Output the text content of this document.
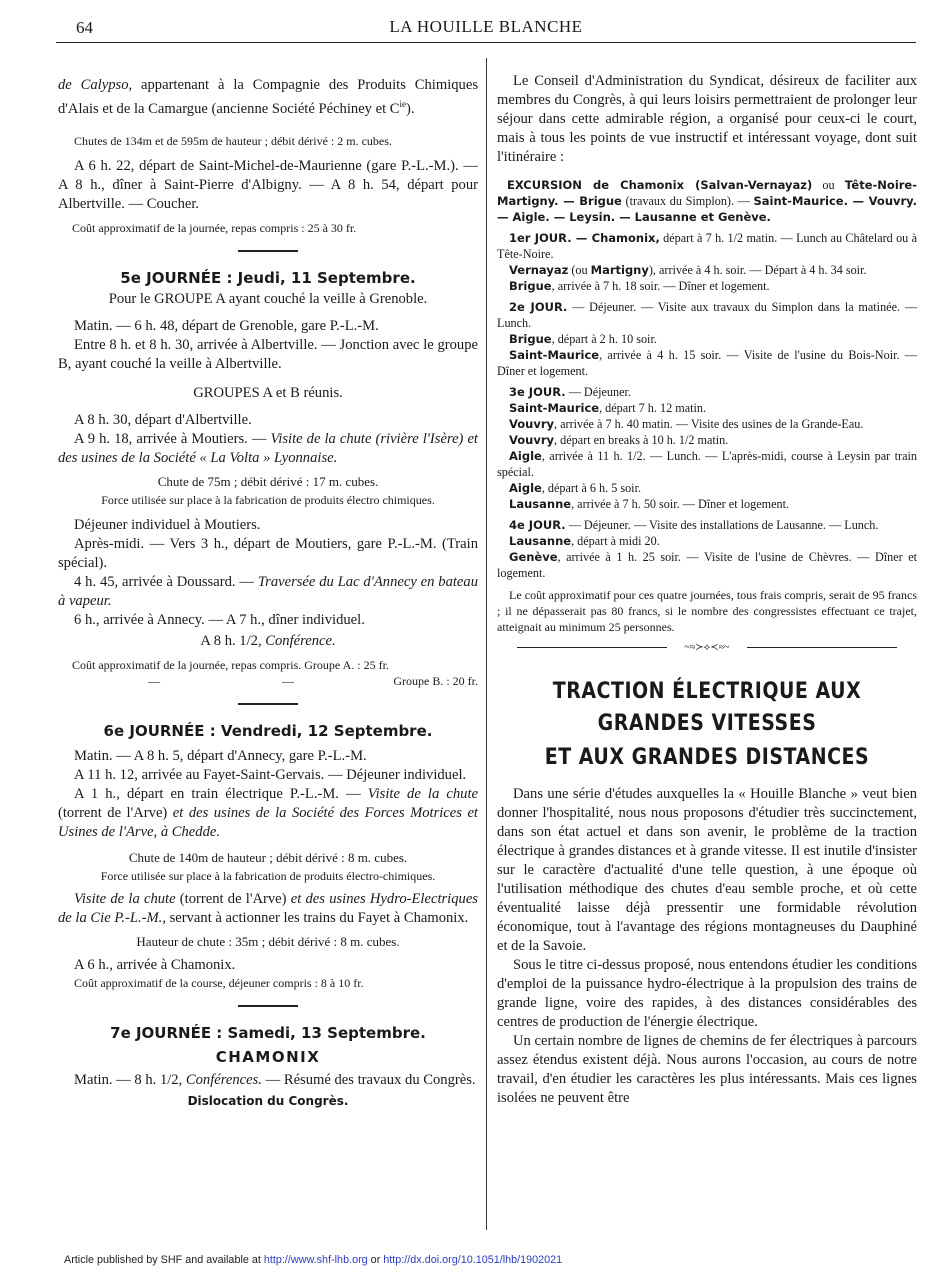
64	LA HOUILLE BLANCHE

de Calypso, appartenant à la Compagnie des Produits Chimiques d'Alais et de la Camargue (ancienne Société Péchiney et $C^{ie}$).

Chutes de 134m et de 595m de hauteur ; débit dérivé : 2 m. cubes.

A 6 h. 22, départ de Saint-Michel-de-Maurienne (gare P.-L.-M.). — A 8 h., dîner à Saint-Pierre d'Albigny. — A 8 h. 54, départ pour Albertville. — Coucher.

Coût approximatif de la journée, repas compris : 25 à 30 fr.

5e JOURNÉE : Jeudi, 11 Septembre.

Pour le GROUPE A ayant couché la veille à Grenoble.

Matin. — 6 h. 48, départ de Grenoble, gare P.-L.-M.

Entre 8 h. et 8 h. 30, arrivée à Albertville. — Jonction avec le groupe B, ayant couché la veille à Albertville.

GROUPES A et B réunis.

A 8 h. 30, départ d'Albertville.

A 9 h. 18, arrivée à Moutiers. — Visite de la chute (rivière l'Isère) et des usines de la Société « La Volta » Lyonnaise.

Chute de 75m ; débit dérivé : 17 m. cubes.

Force utilisée sur place à la fabrication de produits électro chimiques.

Déjeuner individuel à Moutiers.

Après-midi. — Vers 3 h., départ de Moutiers, gare P.-L.-M. (Train spécial).

4 h. 45, arrivée à Doussard. — Traversée du Lac d'Annecy en bateau à vapeur.

6 h., arrivée à Annecy. — A 7 h., dîner individuel.

A 8 h. 1/2, Conférence.

Coût approximatif de la journée, repas compris. Groupe A. : 25 fr.

—	—	Groupe B. : 20 fr.

6e JOURNÉE : Vendredi, 12 Septembre.

Matin. — A 8 h. 5, départ d'Annecy, gare P.-L.-M.

A 11 h. 12, arrivée au Fayet-Saint-Gervais. — Déjeuner individuel.

A 1 h., départ en train électrique P.-L.-M. — Visite de la chute (torrent de l'Arve) et des usines de la Société des Forces Motrices et Usines de l'Arve, à Chedde.

Chute de 140m de hauteur ; débit dérivé : 8 m. cubes.

Force utilisée sur place à la fabrication de produits électro-chimiques.

Visite de la chute (torrent de l'Arve) et des usines Hydro-Electriques de la Cie P.-L.-M., servant à actionner les trains du Fayet à Chamonix.

Hauteur de chute : 35m ; débit dérivé : 8 m. cubes.

A 6 h., arrivée à Chamonix.

Coût approximatif de la course, déjeuner compris : 8 à 10 fr.

7e JOURNÉE : Samedi, 13 Septembre.

CHAMONIX

Matin. — 8 h. 1/2, Conférences. — Résumé des travaux du Congrès.

Dislocation du Congrès.

Le Conseil d'Administration du Syndicat, désireux de faciliter aux membres du Congrès, à qui leurs loisirs permettraient de prolonger leur séjour dans cette admirable région, a organisé pour ceux-ci le court, mais à tous les points de vue instructif et intéressant voyage, dont suit l'itinéraire :

EXCURSION de Chamonix (Salvan-Vernayaz) ou Tête-Noire-Martigny. — Brigue (travaux du Simplon). — Saint-Maurice. — Vouvry. — Aigle. — Leysin. — Lausanne et Genève.

1er JOUR. — Chamonix, départ à 7 h. 1/2 matin. — Lunch au Châtelard ou à Tête-Noire.

Vernayaz (ou Martigny), arrivée à 4 h. soir. — Départ à 4 h. 34 soir.

Brigue, arrivée à 7 h. 18 soir. — Dîner et logement.

2e JOUR. — Déjeuner. — Visite aux travaux du Simplon dans la matinée. — Lunch.

Brigue, départ à 2 h. 10 soir.

Saint-Maurice, arrivée à 4 h. 15 soir. — Visite de l'usine du Bois-Noir. — Dîner et logement.

3e JOUR. — Déjeuner.

Saint-Maurice, départ 7 h. 12 matin.

Vouvry, arrivée à 7 h. 40 matin. — Visite des usines de la Grande-Eau.

Vouvry, départ en breaks à 10 h. 1/2 matin.

Aigle, arrivée à 11 h. 1/2. — Lunch. — L'après-midi, course à Leysin par train spécial.

Aigle, départ à 6 h. 5 soir.

Lausanne, arrivée à 7 h. 50 soir. — Dîner et logement.

4e JOUR. — Déjeuner. — Visite des installations de Lausanne. — Lunch.

Lausanne, départ à midi 20.

Genève, arrivée à 1 h. 25 soir. — Visite de l'usine de Chèvres. — Dîner et logement.

Le coût approximatif pour ces quatre journées, tous frais compris, serait de 95 francs ; il ne dépasserait pas 80 francs, si le nombre des congressistes effectuant ce trajet, atteignait au minimum 25 personnes.

~≈≻⟡≺≈~

TRACTION ÉLECTRIQUE AUX GRANDES VITESSES

ET AUX GRANDES DISTANCES

Dans une série d'études auxquelles la « Houille Blanche » veut bien donner l'hospitalité, nous nous proposons d'étudier très succinctement, dans son état actuel et dans son avenir, le problème de la traction électrique à grandes distances et à grande vitesse. Il est inutile d'insister sur le caractère d'actualité d'une telle question, à une époque où l'utilisation méthodique des chutes d'eau semble proche, et où cette éventualité laisse déjà pressentir une formidable révolution économique, tout à l'avantage des régions montagneuses du Dauphiné et de la Savoie.

Sous le titre ci-dessus proposé, nous entendons étudier les conditions d'emploi de la puissance hydro-électrique à la propulsion des trains de grande ligne, voire des rapides, à des distances considérables des centres de production de l'énergie électrique.

Un certain nombre de lignes de chemins de fer électriques à parcours assez étendus existent déjà. Nous aurons l'occasion, au cours de notre travail, d'en étudier les caractères les plus intéressants. Mais ces lignes isolées ne peuvent être

Article published by SHF and available at http://www.shf-lhb.org or http://dx.doi.org/10.1051/lhb/1902021
